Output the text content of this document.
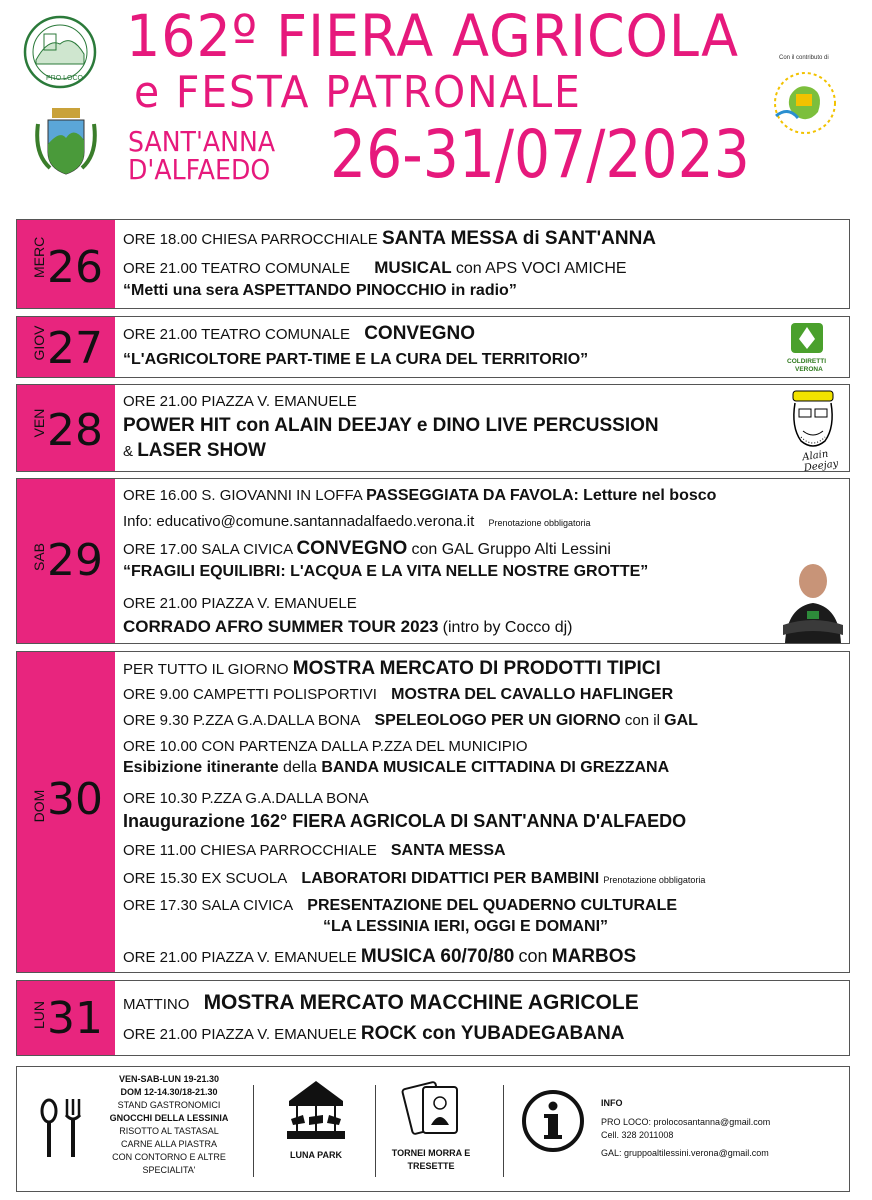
PRO LOCO
162º FIERA AGRICOLA
e FESTA PATRONALE
SANT'ANNA
D'ALFAEDO 26-31/07/2023
Con il contributo di
MERC 26
ORE 18.00 CHIESA PARROCCHIALE SANTA MESSA di SANT'ANNA
ORE 21.00 TEATRO COMUNALE MUSICAL con APS VOCI AMICHE
“Metti una sera ASPETTANDO PINOCCHIO in radio”
GIOV 27 ORE 21.00 TEATRO COMUNALE CONVEGNO
“L'AGRICOLTORE PART-TIME E LA CURA DEL TERRITORIO”	COLDIRETTI
VERONA
VEN 28
ORE 21.00 PIAZZA V. EMANUELE
POWER HIT con ALAIN DEEJAY e DINO LIVE PERCUSSION
& LASER SHOW	Alain Deejay
SAB 29
ORE 16.00 S. GIOVANNI IN LOFFA PASSEGGIATA DA FAVOLA: Letture nel bosco
Info: educativo@comune.santannadalfaedo.verona.it Prenotazione obbligatoria
ORE 17.00 SALA CIVICA CONVEGNO con GAL Gruppo Alti Lessini
“FRAGILI EQUILIBRI: L'ACQUA E LA VITA NELLE NOSTRE GROTTE”
ORE 21.00 PIAZZA V. EMANUELE
CORRADO AFRO SUMMER TOUR 2023 (intro by Cocco dj)
DOM 30
PER TUTTO IL GIORNO MOSTRA MERCATO DI PRODOTTI TIPICI
ORE 9.00 CAMPETTI POLISPORTIVI MOSTRA DEL CAVALLO HAFLINGER
ORE 9.30 P.ZZA G.A.DALLA BONA SPELEOLOGO PER UN GIORNO con il GAL
ORE 10.00 CON PARTENZA DALLA P.ZZA DEL MUNICIPIO
Esibizione itinerante della BANDA MUSICALE CITTADINA DI GREZZANA
ORE 10.30 P.ZZA G.A.DALLA BONA
Inaugurazione 162° FIERA AGRICOLA DI SANT'ANNA D'ALFAEDO
ORE 11.00 CHIESA PARROCCHIALE SANTA MESSA
ORE 15.30 EX SCUOLA LABORATORI DIDATTICI PER BAMBINI Prenotazione obbligatoria
ORE 17.30 SALA CIVICA PRESENTAZIONE DEL QUADERNO CULTURALE
“LA LESSINIA IERI, OGGI E DOMANI”
ORE 21.00 PIAZZA V. EMANUELE MUSICA 60/70/80 con MARBOS
LUN 31 MATTINO MOSTRA MERCATO MACCHINE AGRICOLE
ORE 21.00 PIAZZA V. EMANUELE ROCK con YUBADEGABANA
VEN-SAB-LUN 19-21.30
DOM 12-14.30/18-21.30
STAND GASTRONOMICI
GNOCCHI DELLA LESSINIA
RISOTTO AL TASTASAL
CARNE ALLA PIASTRA
CON CONTORNO E ALTRE
SPECIALITA'
LUNA PARK	TORNEI MORRA E
TRESETTE
INFO
PRO LOCO: prolocosantanna@gmail.com
Cell. 328 2011008
GAL: gruppoaltilessini.verona@gmail.com
